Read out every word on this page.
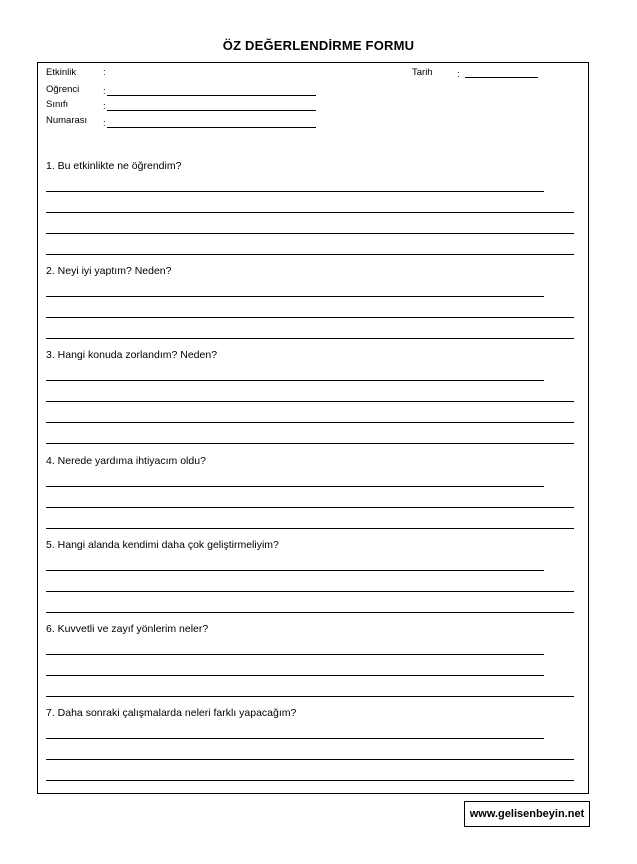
ÖZ DEĞERLENDİRME FORMU
Etkinlik	:
Oğrenci :
Sınıfı	:
Numarası :
Tarih	:
1. Bu etkinlikte ne öğrendim?
2. Neyi iyi yaptım? Neden?
3. Hangi konuda zorlandım? Neden?
4. Nerede yardıma ihtiyacım oldu?
5. Hangi alanda kendimi daha çok geliştirmeliyim?
6. Kuvvetli ve zayıf yönlerim neler?
7. Daha sonraki çalışmalarda neleri farklı yapacağım?
www.gelisenbeyin.net
